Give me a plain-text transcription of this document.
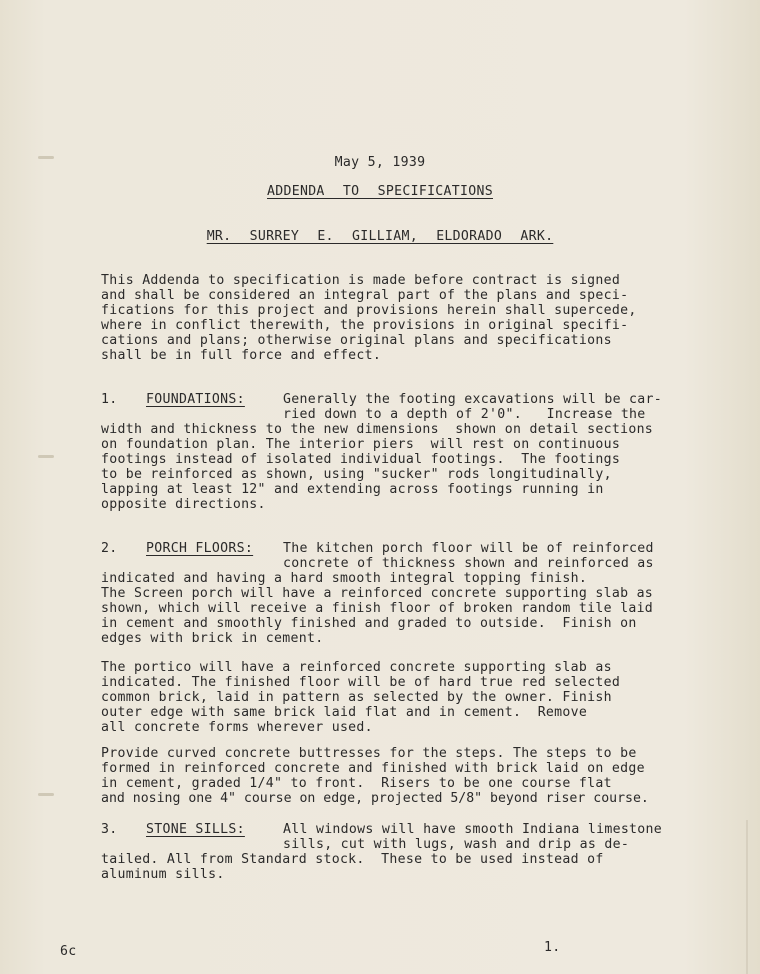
May 5, 1939
ADDENDA TO SPECIFICATIONS
MR. SURREY E. GILLIAM, ELDORADO ARK.
This Addenda to specification is made before contract is signed
and shall be considered an integral part of the plans and speci-
fications for this project and provisions herein shall supercede,
where in conflict therewith, the provisions in original specifi-
cations and plans; otherwise original plans and specifications
shall be in full force and effect.
1. FOUNDATIONS:	Generally the footing excavations will be car-
ried down to a depth of 2'0".   Increase the
width and thickness to the new dimensions  shown on detail sections
on foundation plan. The interior piers  will rest on continuous
footings instead of isolated individual footings.  The footings
to be reinforced as shown, using "sucker" rods longitudinally,
lapping at least 12" and extending across footings running in
opposite directions.
2. PORCH FLOORS: The kitchen porch floor will be of reinforced
concrete of thickness shown and reinforced as
indicated and having a hard smooth integral topping finish.
The Screen porch will have a reinforced concrete supporting slab as
shown, which will receive a finish floor of broken random tile laid
in cement and smoothly finished and graded to outside.  Finish on
edges with brick in cement.
The portico will have a reinforced concrete supporting slab as
indicated. The finished floor will be of hard true red selected
common brick, laid in pattern as selected by the owner. Finish
outer edge with same brick laid flat and in cement.  Remove
all concrete forms wherever used.
Provide curved concrete buttresses for the steps. The steps to be
formed in reinforced concrete and finished with brick laid on edge
in cement, graded 1/4" to front.  Risers to be one course flat
and nosing one 4" course on edge, projected 5/8" beyond riser course.
3. STONE SILLS:	All windows will have smooth Indiana limestone
sills, cut with lugs, wash and drip as de-
tailed. All from Standard stock.  These to be used instead of
aluminum sills.
6c	1.
